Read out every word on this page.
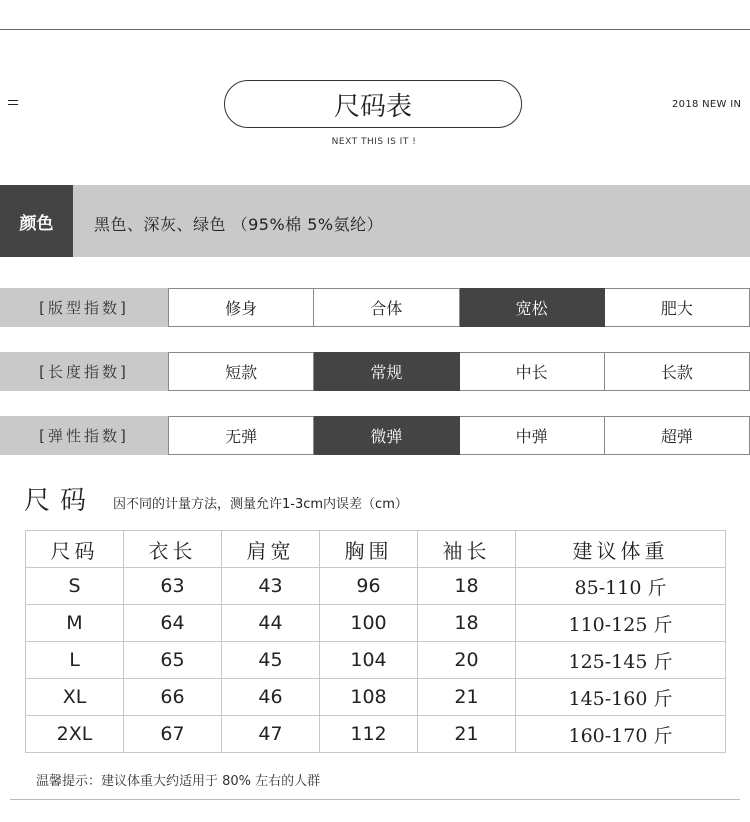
尺码表
NEXT THIS IS IT !
2018 NEW IN
颜色	黑色、深灰、绿色 （95%棉 5%氨纶）
[版型指数]	修身	合体	宽松	肥大
[长度指数]	短款	常规	中长	长款
[弹性指数]	无弹	微弹	中弹	超弹
尺码 因不同的计量方法，测量允许1-3cm内误差（cm）
尺码	衣长	肩宽	胸围	袖长	建议体重
S	63	43	96	18	85-110 斤
M	64	44	100	18	110-125 斤
L	65	45	104	20	125-145 斤
XL	66	46	108	21	145-160 斤
2XL	67	47	112	21	160-170 斤
温馨提示：建议体重大约适用于 80% 左右的人群
